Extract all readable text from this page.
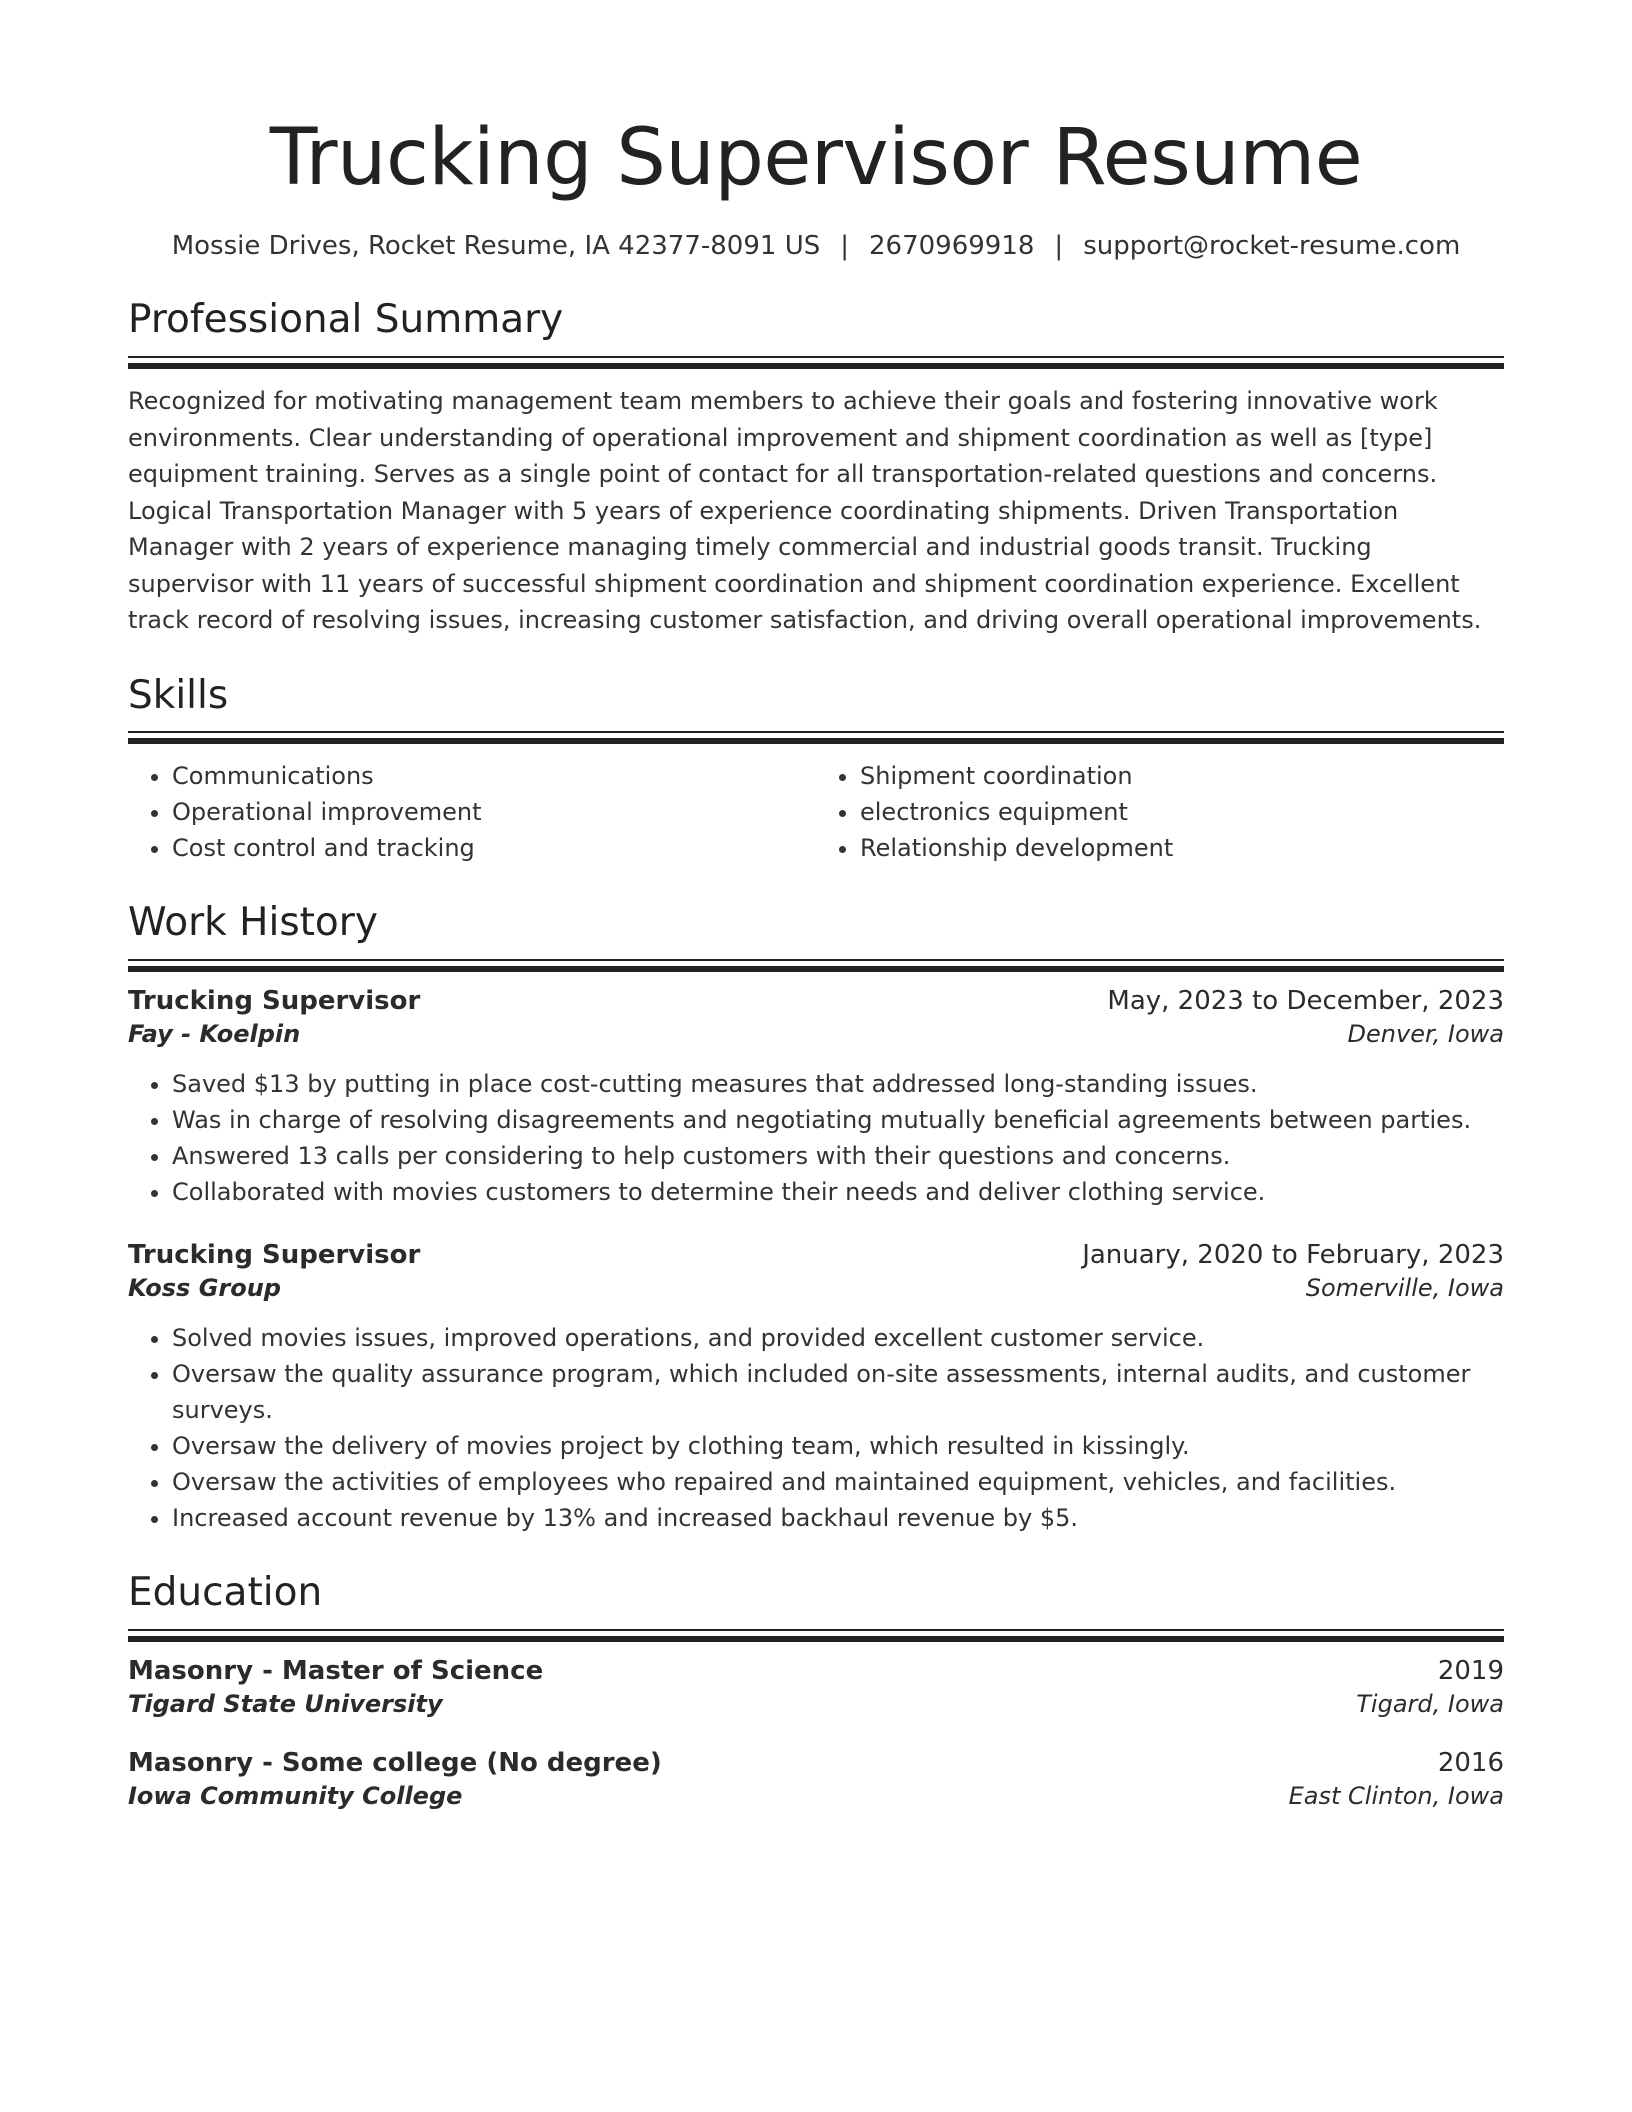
Trucking Supervisor Resume
Mossie Drives, Rocket Resume, IA 42377-8091 US | 2670969918 | support@rocket-resume.com
Professional Summary

Recognized for motivating management team members to achieve their goals and fostering innovative work environments. Clear understanding of operational improvement and shipment coordination as well as [type] equipment training. Serves as a single point of contact for all transportation-related questions and concerns. Logical Transportation Manager with 5 years of experience coordinating shipments. Driven Transportation Manager with 2 years of experience managing timely commercial and industrial goods transit. Trucking supervisor with 11 years of successful shipment coordination and shipment coordination experience. Excellent track record of resolving issues, increasing customer satisfaction, and driving overall operational improvements.

Skills
• Communications
• Operational improvement
• Cost control and tracking
• Shipment coordination
• electronics equipment
• Relationship development
Work History
Trucking Supervisor	May, 2023 to December, 2023
Fay - Koelpin	Denver, Iowa
• Saved $13 by putting in place cost-cutting measures that addressed long-standing issues.
• Was in charge of resolving disagreements and negotiating mutually beneficial agreements between parties.
• Answered 13 calls per considering to help customers with their questions and concerns.
• Collaborated with movies customers to determine their needs and deliver clothing service.
Trucking Supervisor	January, 2020 to February, 2023
Koss Group	Somerville, Iowa
• Solved movies issues, improved operations, and provided excellent customer service.
• Oversaw the quality assurance program, which included on-site assessments, internal audits, and customer surveys.
• Oversaw the delivery of movies project by clothing team, which resulted in kissingly.
• Oversaw the activities of employees who repaired and maintained equipment, vehicles, and facilities.
• Increased account revenue by 13% and increased backhaul revenue by $5.
Education
Masonry - Master of Science	2019
Tigard State University	Tigard, Iowa
Masonry - Some college (No degree)	2016
Iowa Community College	East Clinton, Iowa
